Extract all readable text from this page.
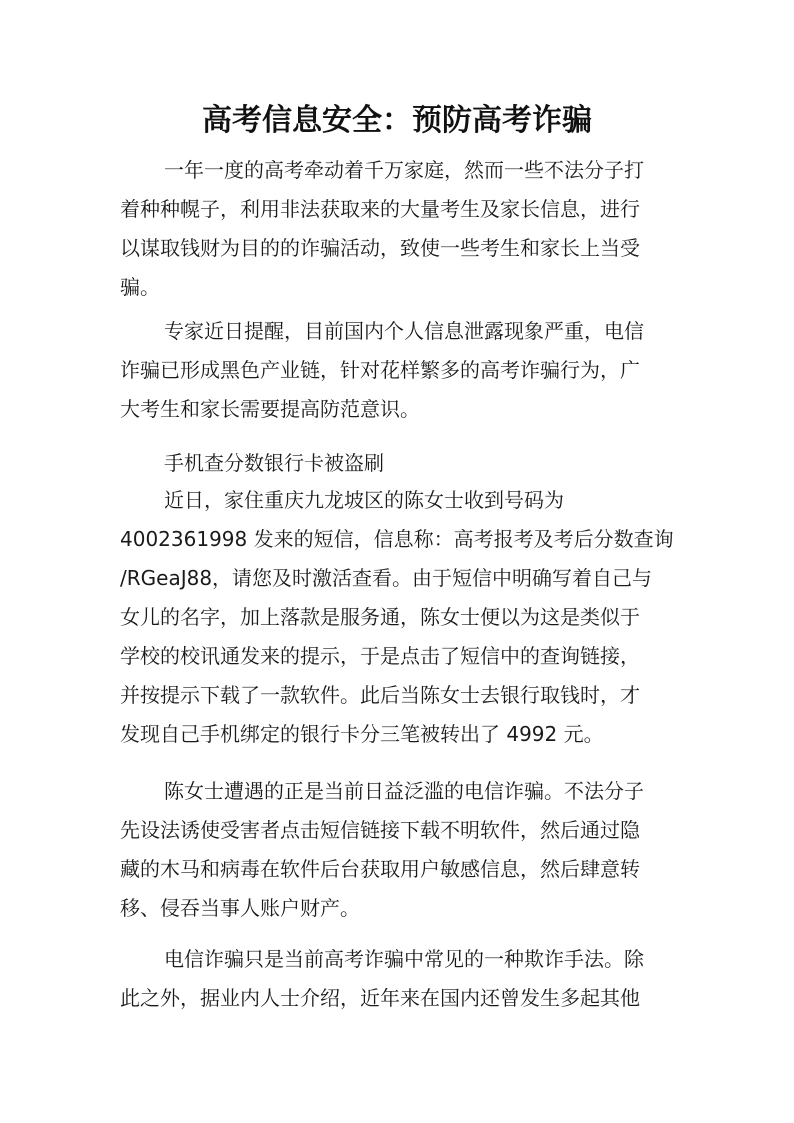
高考信息安全：预防高考诈骗
一年一度的高考牵动着千万家庭，然而一些不法分子打
着种种幌子，利用非法获取来的大量考生及家长信息，进行
以谋取钱财为目的的诈骗活动，致使一些考生和家长上当受
骗。
专家近日提醒，目前国内个人信息泄露现象严重，电信
诈骗已形成黑色产业链，针对花样繁多的高考诈骗行为，广
大考生和家长需要提高防范意识。
手机查分数银行卡被盗刷
近日，家住重庆九龙坡区的陈女士收到号码为
4002361998 发来的短信，信息称：高考报考及考后分数查询
/RGeaJ88，请您及时激活查看。由于短信中明确写着自己与
女儿的名字，加上落款是服务通，陈女士便以为这是类似于
学校的校讯通发来的提示，于是点击了短信中的查询链接，
并按提示下载了一款软件。此后当陈女士去银行取钱时，才
发现自己手机绑定的银行卡分三笔被转出了 4992 元。
陈女士遭遇的正是当前日益泛滥的电信诈骗。不法分子
先设法诱使受害者点击短信链接下载不明软件，然后通过隐
藏的木马和病毒在软件后台获取用户敏感信息，然后肆意转
移、侵吞当事人账户财产。
电信诈骗只是当前高考诈骗中常见的一种欺诈手法。除
此之外，据业内人士介绍，近年来在国内还曾发生多起其他
